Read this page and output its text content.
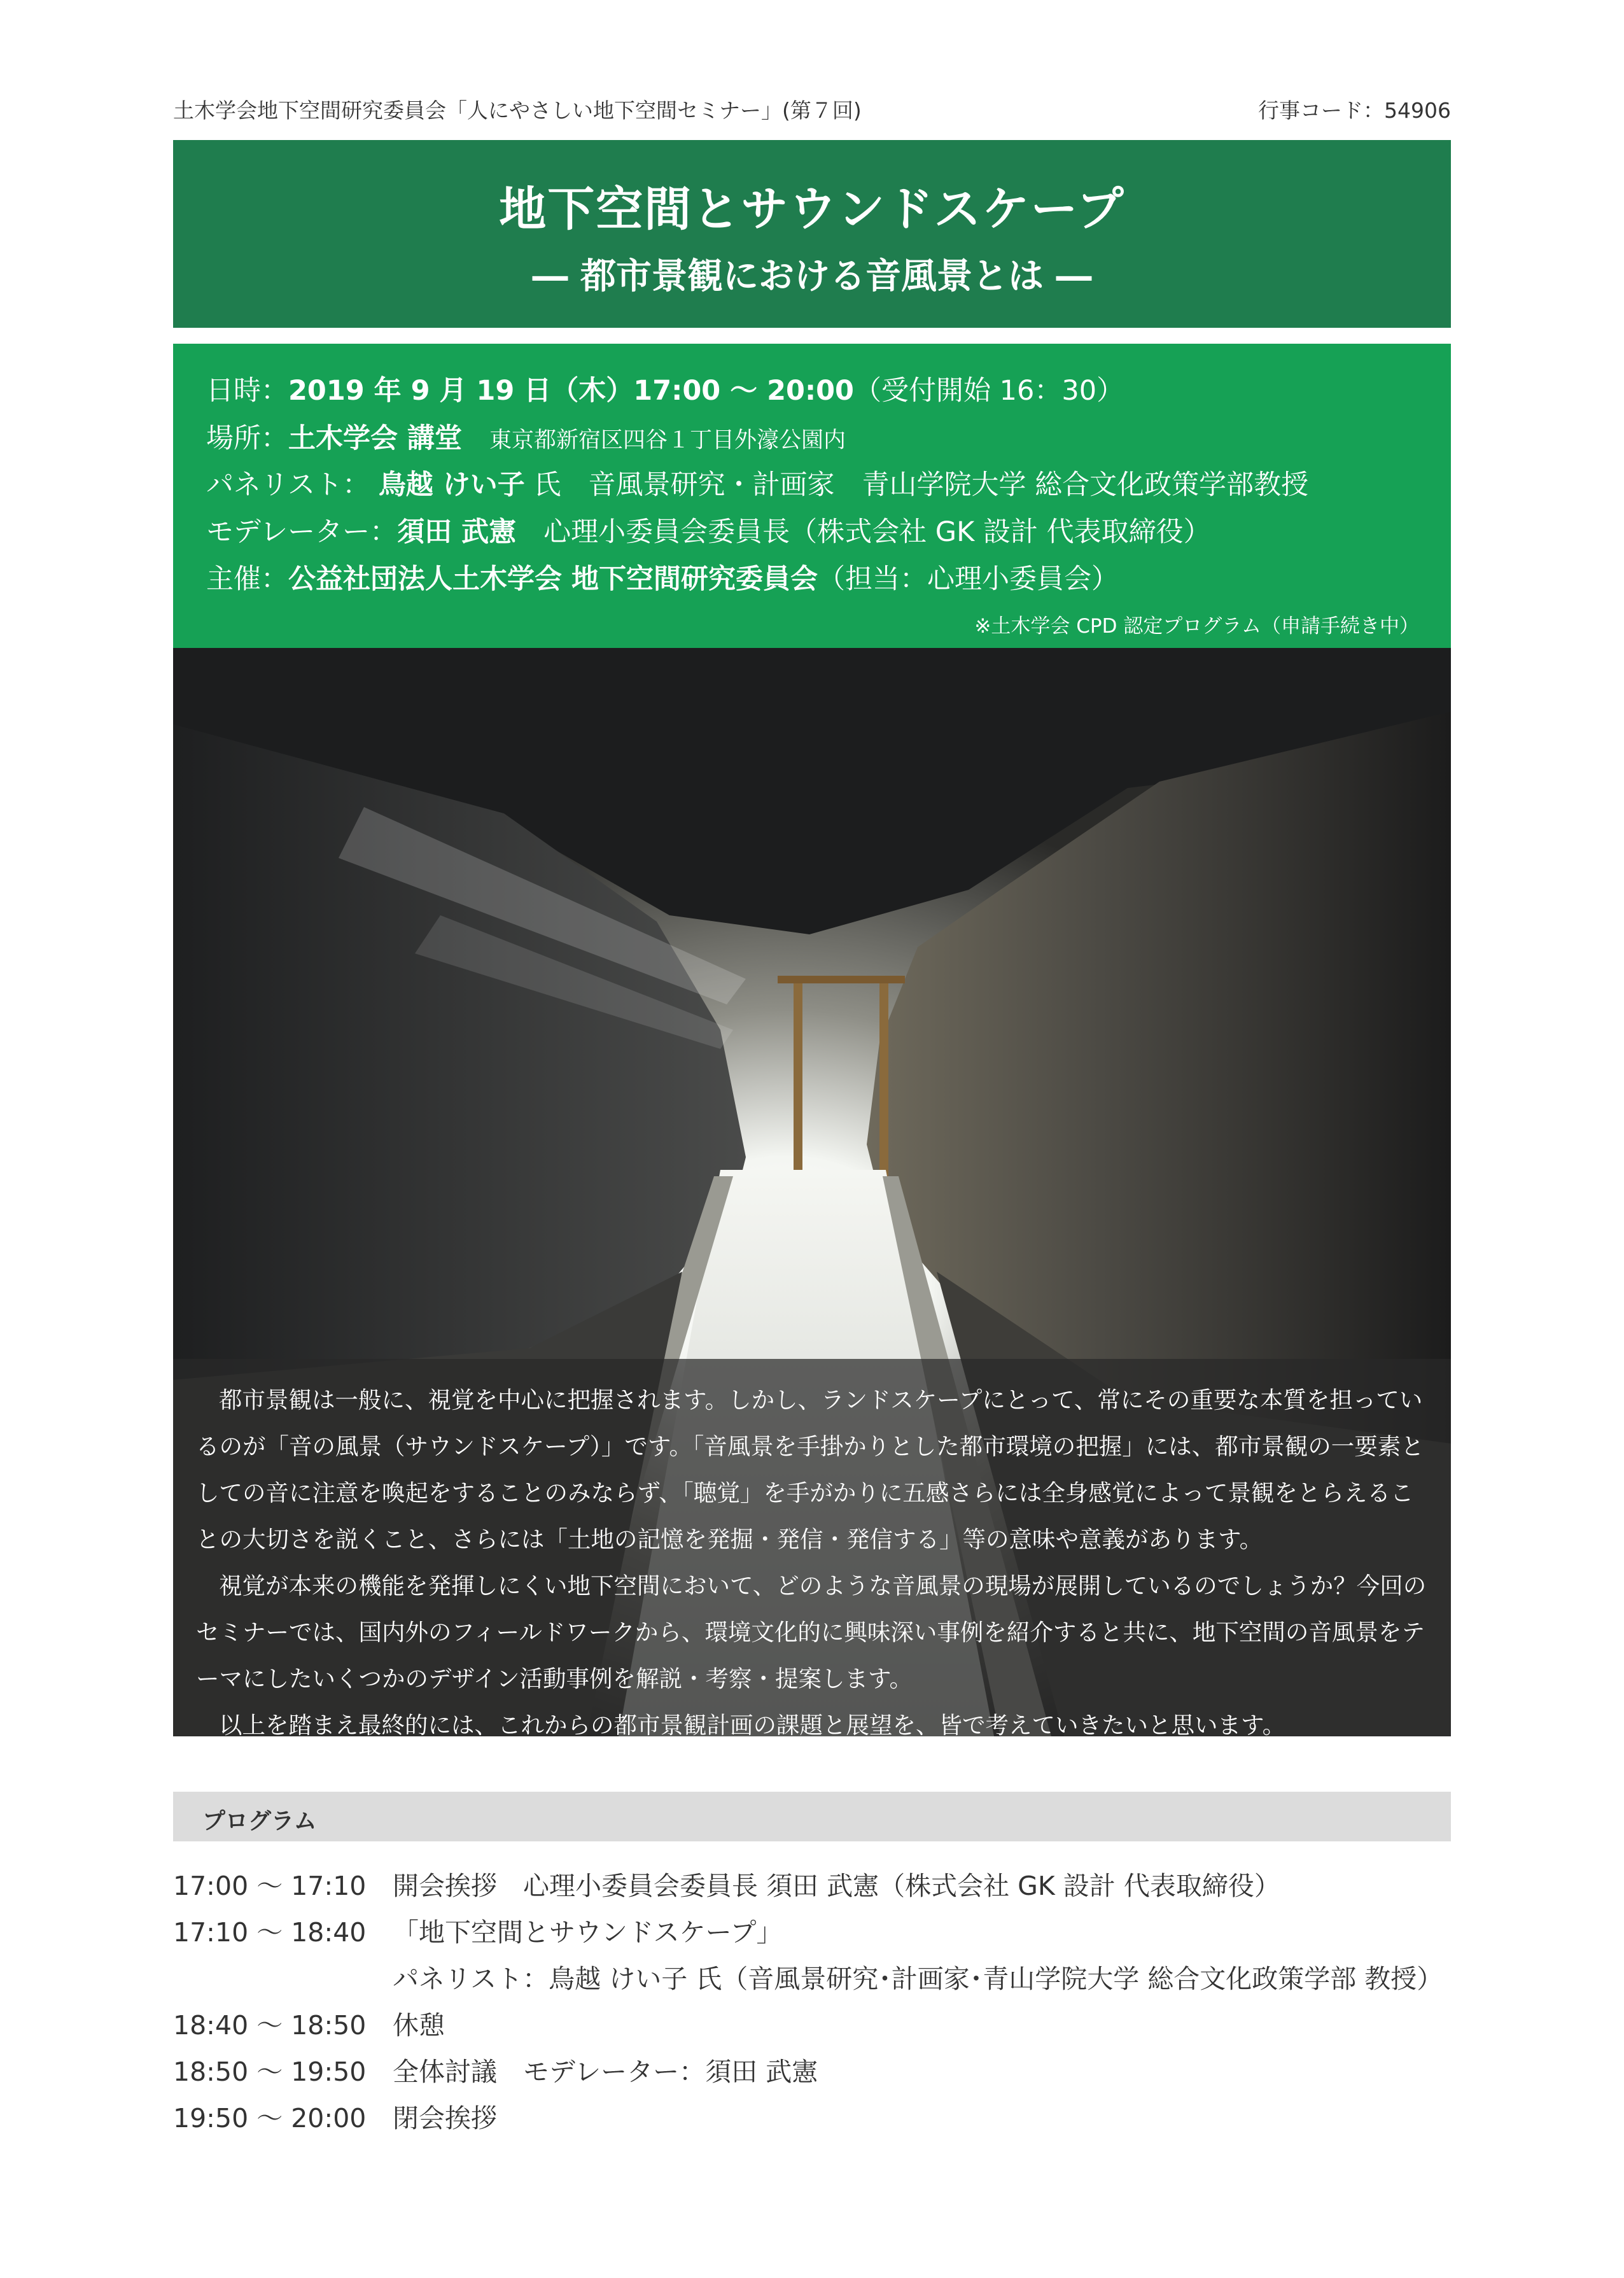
土木学会地下空間研究委員会「人にやさしい地下空間セミナー」(第７回)	行事コード：54906
地下空間とサウンドスケープ
― 都市景観における音風景とは ―
日時：2019 年 9 月 19 日（木）17:00 ～ 20:00（受付開始 16：30）
場所：土木学会 講堂　 東京都新宿区四谷１丁目外濠公園内
パネリスト： 鳥越 けい子 氏　 音風景研究・計画家　青山学院大学 総合文化政策学部教授
モデレーター：須田 武憲　 心理小委員会委員長（株式会社 GK 設計 代表取締役）
主催：公益社団法人土木学会 地下空間研究委員会（担当：心理小委員会）
※土木学会 CPD 認定プログラム（申請手続き中）

都市景観は一般に、視覚を中心に把握されます。しかし、ランドスケープにとって、常にその重要な本質を担っているのが「音の風景（サウンドスケープ）」です。「音風景を手掛かりとした都市環境の把握」には、都市景観の一要素としての音に注意を喚起をすることのみならず、「聴覚」を手がかりに五感さらには全身感覚によって景観をとらえることの大切さを説くこと、さらには「土地の記憶を発掘・発信・発信する」等の意味や意義があります。

視覚が本来の機能を発揮しにくい地下空間において、どのような音風景の現場が展開しているのでしょうか？今回のセミナーでは、国内外のフィールドワークから、環境文化的に興味深い事例を紹介すると共に、地下空間の音風景をテーマにしたいくつかのデザイン活動事例を解説・考察・提案します。

以上を踏まえ最終的には、これからの都市景観計画の課題と展望を、皆で考えていきたいと思います。

プログラム
17:00 ～ 17:10 開会挨拶　心理小委員会委員長 須田 武憲（株式会社 GK 設計 代表取締役）
17:10 ～ 18:40 「地下空間とサウンドスケープ」
パネリスト：鳥越 けい子 氏（音風景研究･計画家･青山学院大学 総合文化政策学部 教授）
18:40 ～ 18:50 休憩
18:50 ～ 19:50 全体討議　モデレーター：須田 武憲
19:50 ～ 20:00 閉会挨拶
